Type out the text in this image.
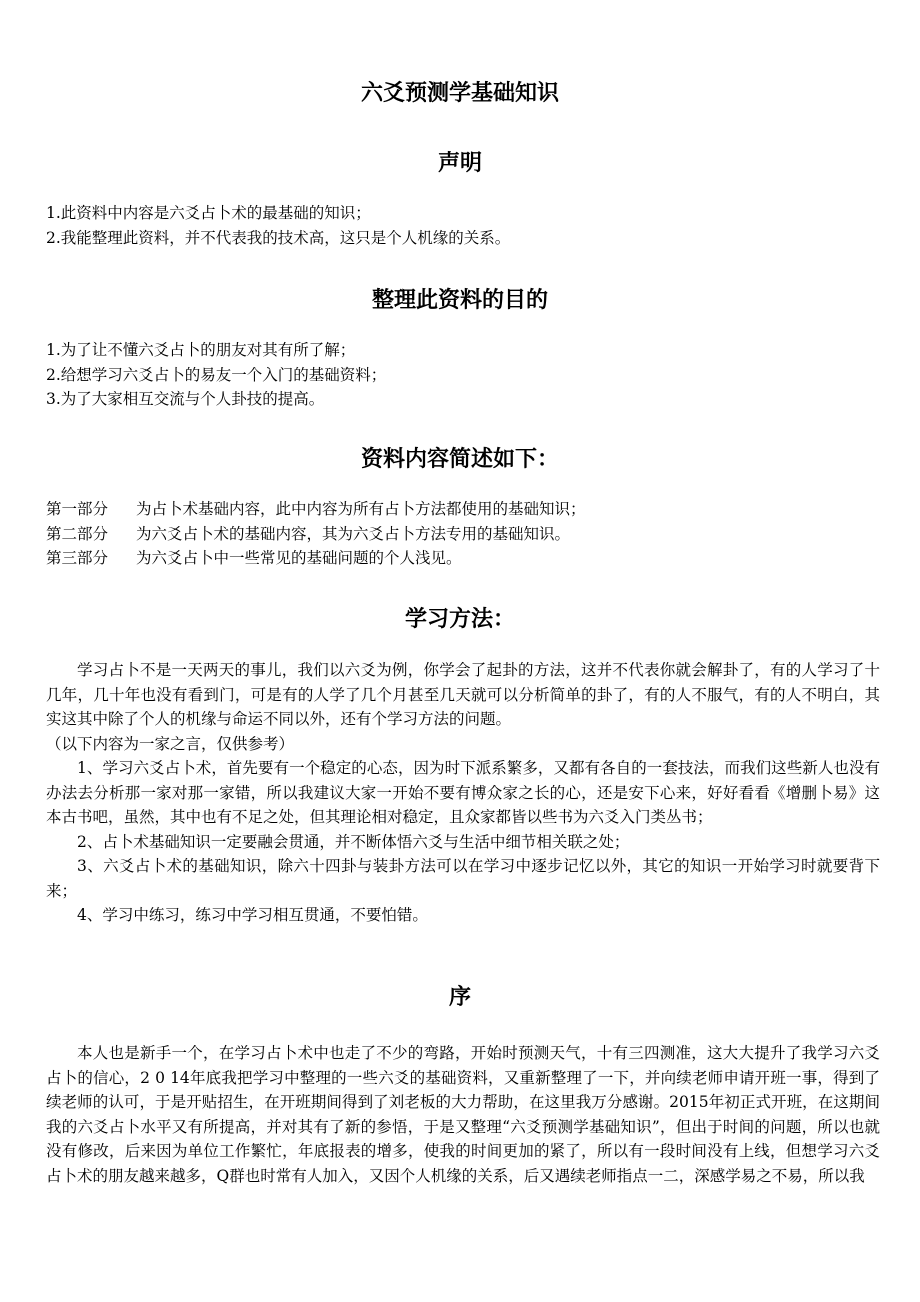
六爻预测学基础知识
声明

1.此资料中内容是六爻占卜术的最基础的知识；

2.我能整理此资料，并不代表我的技术高，这只是个人机缘的关系。

整理此资料的目的

1.为了让不懂六爻占卜的朋友对其有所了解；

2.给想学习六爻占卜的易友一个入门的基础资料；

3.为了大家相互交流与个人卦技的提高。

资料内容简述如下：
第一部分	为占卜术基础内容，此中内容为所有占卜方法都使用的基础知识；
第二部分	为六爻占卜术的基础内容，其为六爻占卜方法专用的基础知识。
第三部分	为六爻占卜中一些常见的基础问题的个人浅见。
学习方法：

学习占卜不是一天两天的事儿，我们以六爻为例，你学会了起卦的方法，这并不代表你就会解卦了，有的人学习了十几年，几十年也没有看到门，可是有的人学了几个月甚至几天就可以分析简单的卦了，有的人不服气，有的人不明白，其实这其中除了个人的机缘与命运不同以外，还有个学习方法的问题。

（以下内容为一家之言，仅供参考）

1、学习六爻占卜术，首先要有一个稳定的心态，因为时下派系繁多，又都有各自的一套技法，而我们这些新人也没有办法去分析那一家对那一家错，所以我建议大家一开始不要有博众家之长的心，还是安下心来，好好看看《增删卜易》这本古书吧，虽然，其中也有不足之处，但其理论相对稳定，且众家都皆以些书为六爻入门类丛书；

2、占卜术基础知识一定要融会贯通，并不断体悟六爻与生活中细节相关联之处；

3、六爻占卜术的基础知识，除六十四卦与装卦方法可以在学习中逐步记忆以外，其它的知识一开始学习时就要背下来；

4、学习中练习，练习中学习相互贯通，不要怕错。

序

本人也是新手一个，在学习占卜术中也走了不少的弯路，开始时预测天气，十有三四测准，这大大提升了我学习六爻占卜的信心，2 0 14年底我把学习中整理的一些六爻的基础资料，又重新整理了一下，并向续老师申请开班一事，得到了续老师的认可，于是开贴招生，在开班期间得到了刘老板的大力帮助，在这里我万分感谢。2015年初正式开班，在这期间我的六爻占卜水平又有所提高，并对其有了新的参悟，于是又整理“六爻预测学基础知识”，但出于时间的问题，所以也就没有修改，后来因为单位工作繁忙，年底报表的增多，使我的时间更加的紧了，所以有一段时间没有上线，但想学习六爻占卜术的朋友越来越多，Q群也时常有人加入，又因个人机缘的关系，后又遇续老师指点一二，深感学易之不易，所以我
